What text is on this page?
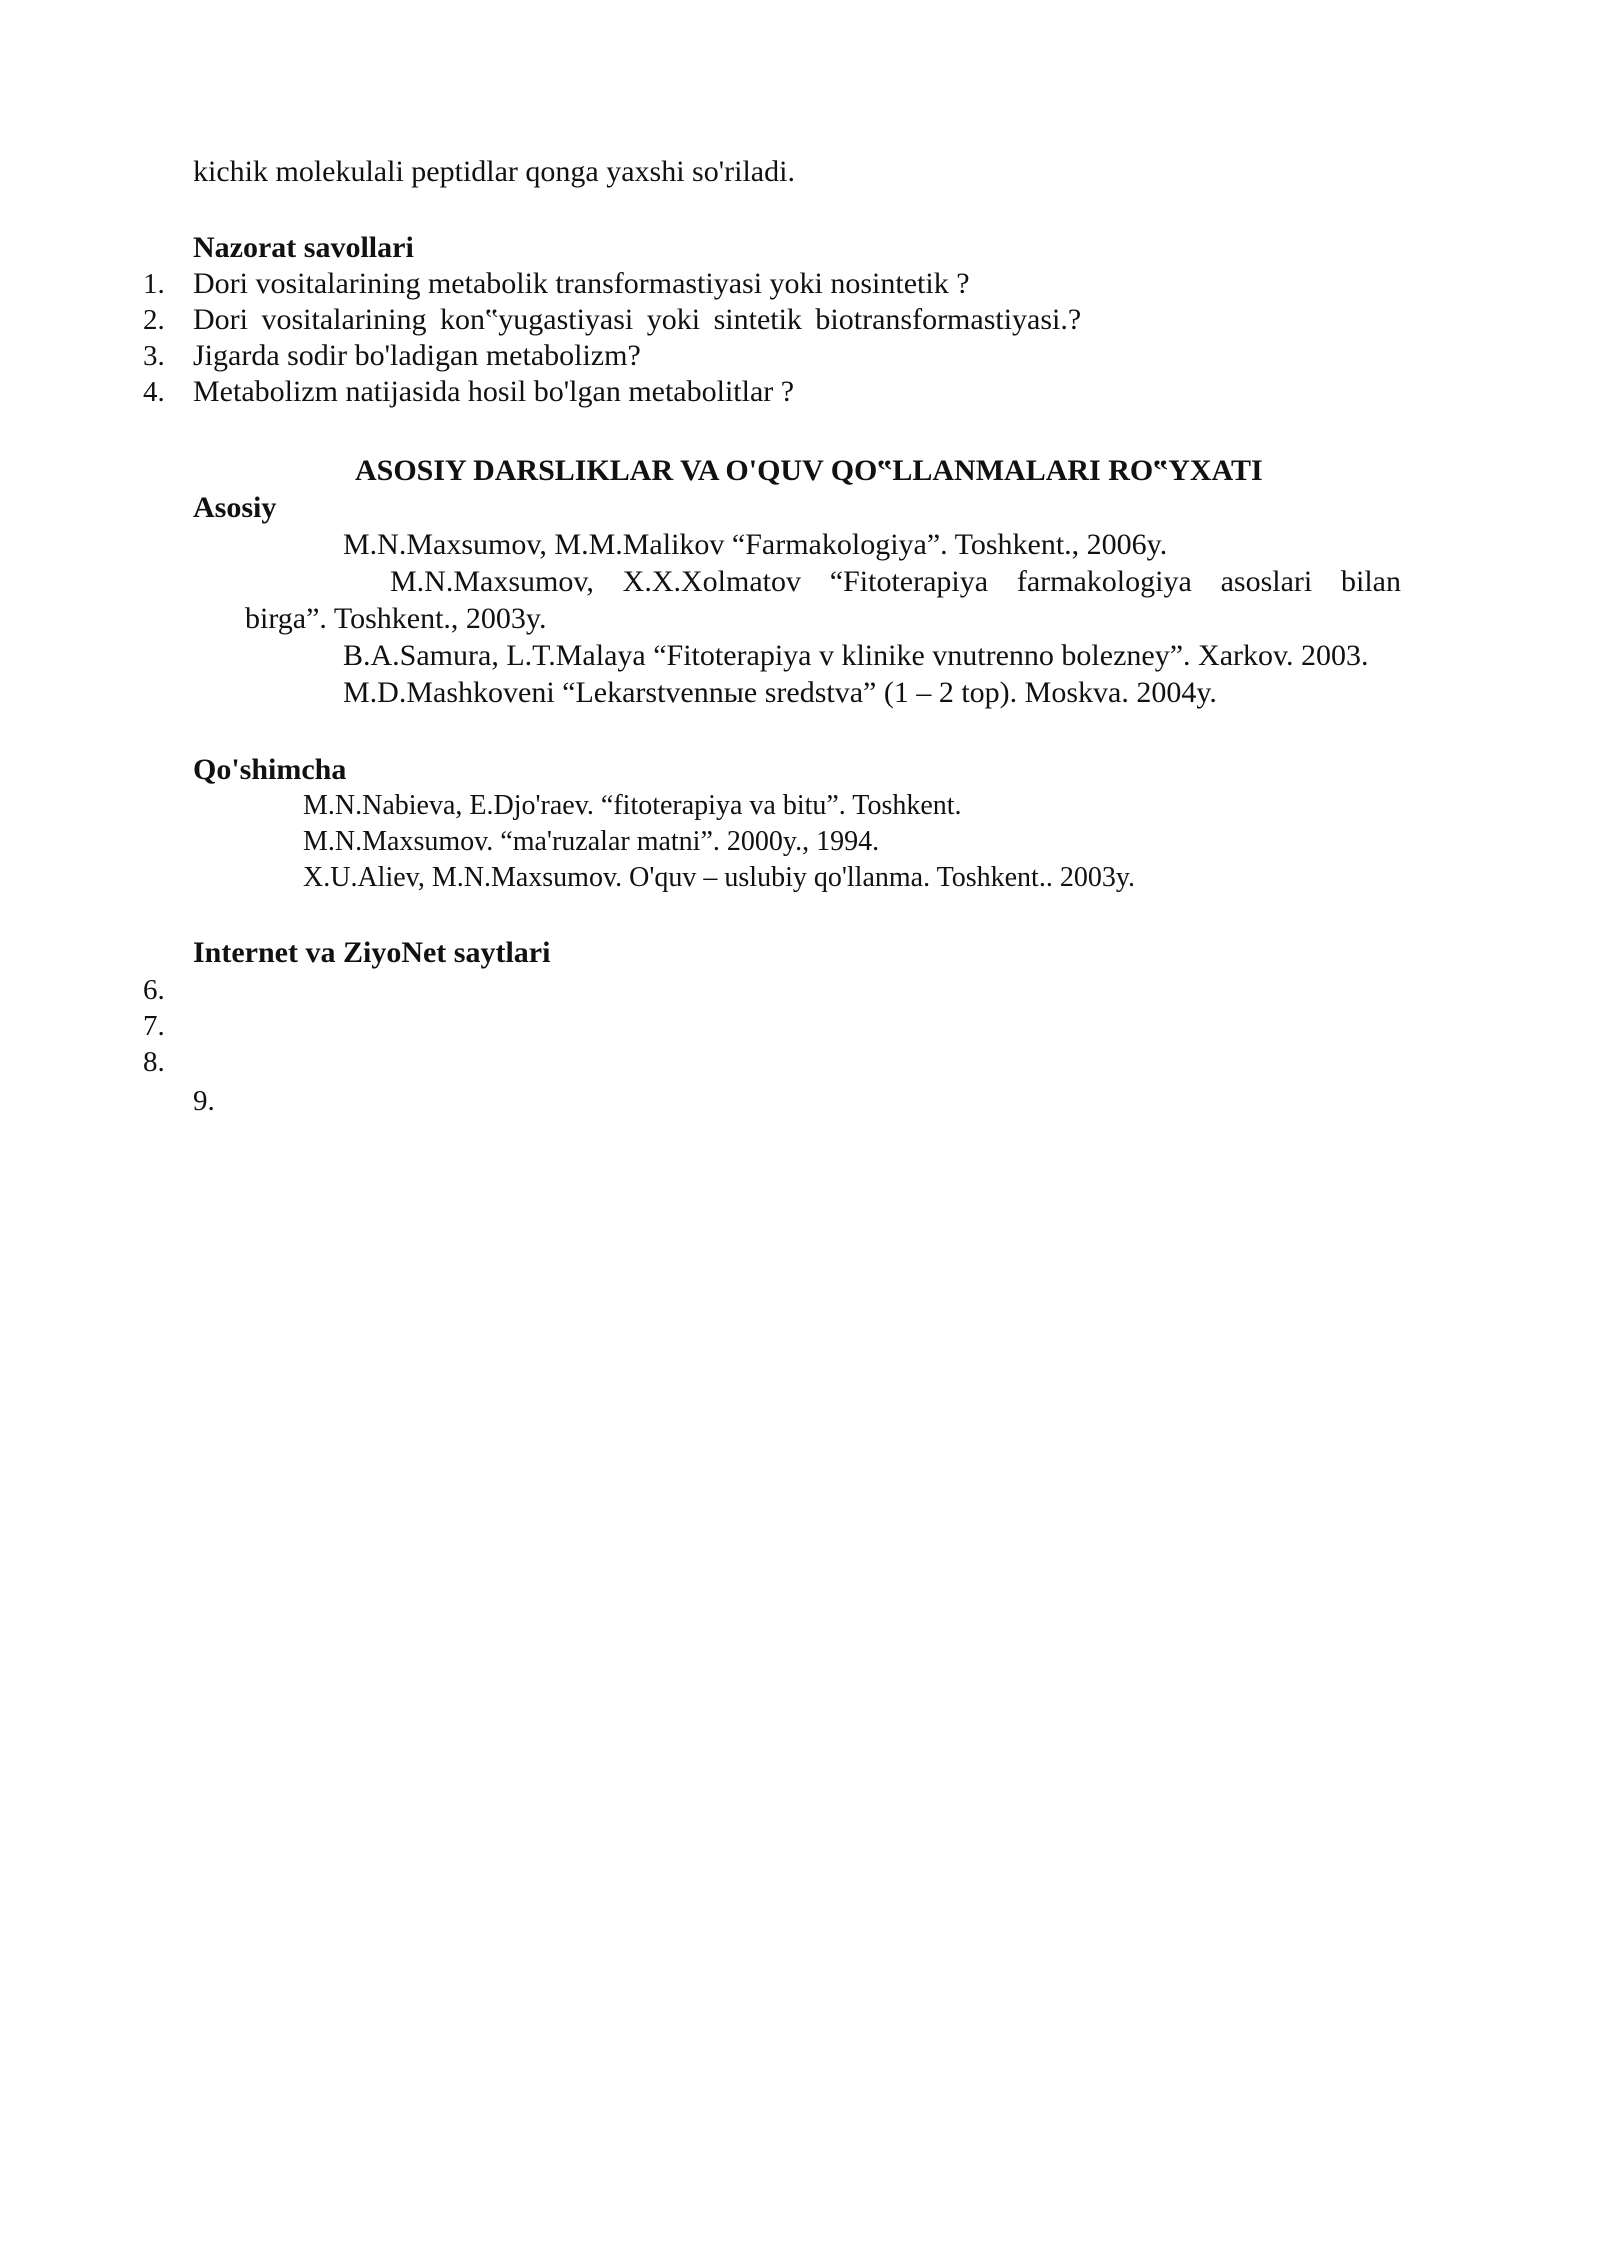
kichik molekulali peptidlar qonga yaxshi so'riladi.
Nazorat savollari
1. Dori vositalarining metabolik transformastiyasi yoki nosintetik ?
2. Dori vositalarining kon‟yugastiyasi yoki sintetik biotransformastiyasi.?
3. Jigarda sodir bo'ladigan metabolizm?
4. Metabolizm natijasida hosil bo'lgan metabolitlar ?
ASOSIY DARSLIKLAR VA O'QUV QO‟LLANMALARI RO‟YXATI
Asosiy
M.N.Maxsumov, M.M.Malikov “Farmakologiya”. Toshkent., 2006y.
M.N.Maxsumov, X.X.Xolmatov “Fitoterapiya farmakologiya asoslari bilan
birga”. Toshkent., 2003y.
B.A.Samura, L.T.Malaya “Fitoterapiya v klinike vnutrenno bolezney”. Xarkov. 2003.
M.D.Mashkoveni “Lekarstvennыe sredstva” (1 – 2 top). Moskva. 2004y.
Qo'shimcha
M.N.Nabieva, E.Djo'raev. “fitoterapiya va bitu”. Toshkent.
M.N.Maxsumov. “ma'ruzalar matni”. 2000y., 1994.
X.U.Aliev, M.N.Maxsumov. O'quv – uslubiy qo'llanma. Toshkent.. 2003y.
Internet va ZiyoNet saytlari
6.
7.
8.
9.
